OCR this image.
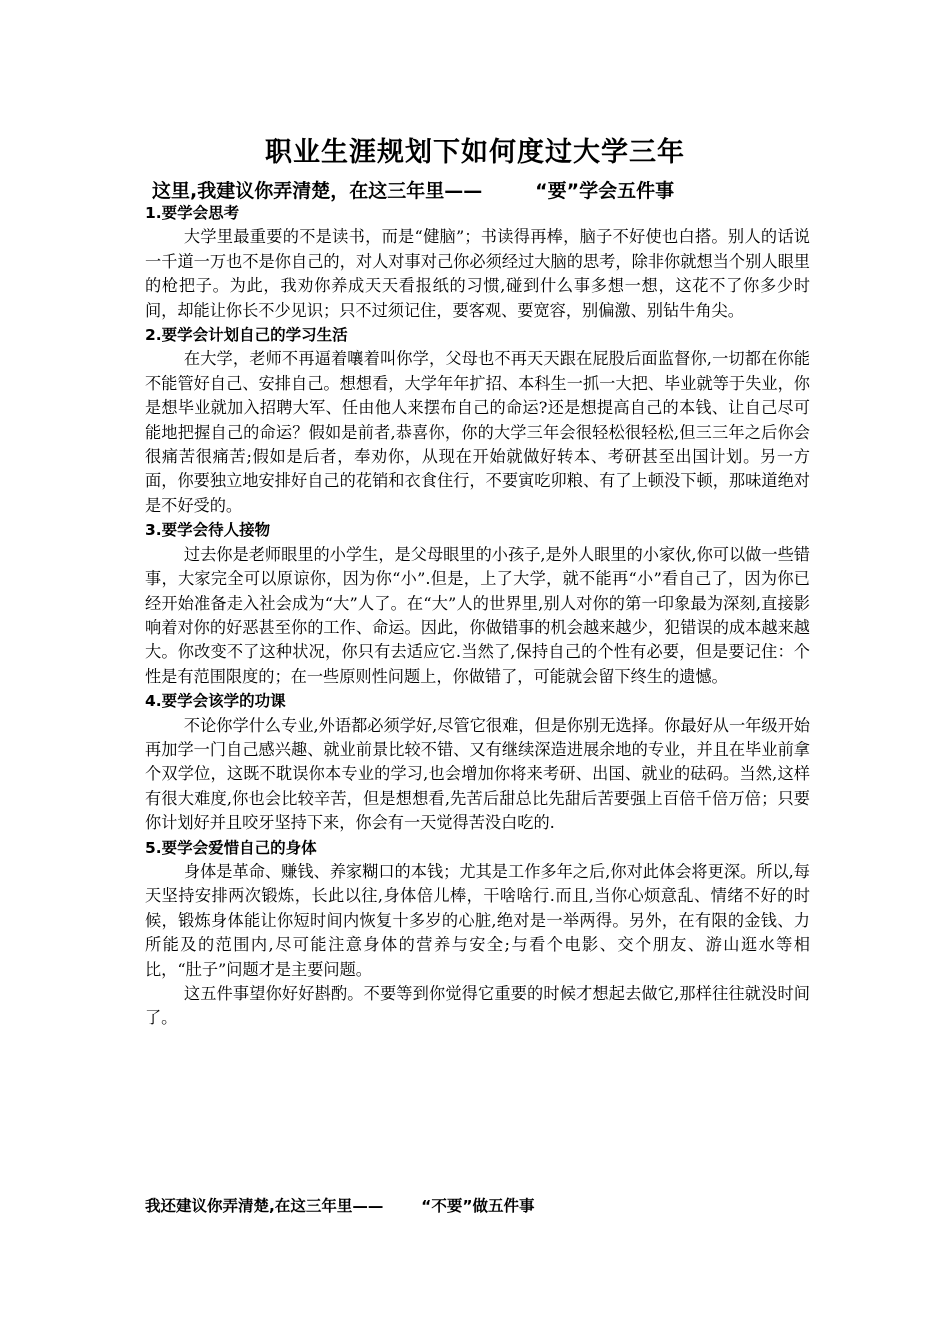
职业生涯规划下如何度过大学三年

这里,我建议你弄清楚，在这三年里——        “要”学会五件事

1.要学会思考

大学里最重要的不是读书，而是“健脑”；书读得再棒，脑子不好使也白搭。别人的话说一千道一万也不是你自己的，对人对事对己你必须经过大脑的思考，除非你就想当个别人眼里的枪把子。为此，我劝你养成天天看报纸的习惯,碰到什么事多想一想，这花不了你多少时间，却能让你长不少见识；只不过须记住，要客观、要宽容，别偏激、别钻牛角尖。

2.要学会计划自己的学习生活

在大学，老师不再逼着嚷着叫你学，父母也不再天天跟在屁股后面监督你,一切都在你能不能管好自己、安排自己。想想看，大学年年扩招、本科生一抓一大把、毕业就等于失业，你是想毕业就加入招聘大军、任由他人来摆布自己的命运?还是想提高自己的本钱、让自己尽可能地把握自己的命运？假如是前者,恭喜你，你的大学三年会很轻松很轻松,但三三年之后你会很痛苦很痛苦;假如是后者，奉劝你，从现在开始就做好转本、考研甚至出国计划。另一方面，你要独立地安排好自己的花销和衣食住行，不要寅吃卯粮、有了上顿没下顿，那味道绝对是不好受的。

3.要学会待人接物

过去你是老师眼里的小学生，是父母眼里的小孩子,是外人眼里的小家伙,你可以做一些错事，大家完全可以原谅你，因为你“小”.但是，上了大学，就不能再“小”看自己了，因为你已经开始准备走入社会成为“大”人了。在“大”人的世界里,别人对你的第一印象最为深刻,直接影响着对你的好恶甚至你的工作、命运。因此，你做错事的机会越来越少，犯错误的成本越来越大。你改变不了这种状况，你只有去适应它.当然了,保持自己的个性有必要，但是要记住：个性是有范围限度的；在一些原则性问题上，你做错了，可能就会留下终生的遗憾。

4.要学会该学的功课

不论你学什么专业,外语都必须学好,尽管它很难，但是你别无选择。你最好从一年级开始再加学一门自己感兴趣、就业前景比较不错、又有继续深造进展余地的专业，并且在毕业前拿个双学位，这既不耽误你本专业的学习,也会增加你将来考研、出国、就业的砝码。当然,这样有很大难度,你也会比较辛苦，但是想想看,先苦后甜总比先甜后苦要强上百倍千倍万倍；只要你计划好并且咬牙坚持下来，你会有一天觉得苦没白吃的.

5.要学会爱惜自己的身体

身体是革命、赚钱、养家糊口的本钱；尤其是工作多年之后,你对此体会将更深。所以,每天坚持安排两次锻炼，长此以往,身体倍儿棒，干啥啥行.而且,当你心烦意乱、情绪不好的时候，锻炼身体能让你短时间内恢复十多岁的心脏,绝对是一举两得。另外，在有限的金钱、力所能及的范围内,尽可能注意身体的营养与安全;与看个电影、交个朋友、游山逛水等相比，“肚子”问题才是主要问题。

这五件事望你好好斟酌。不要等到你觉得它重要的时候才想起去做它,那样往往就没时间了。

我还建议你弄清楚,在这三年里——       “不要”做五件事
